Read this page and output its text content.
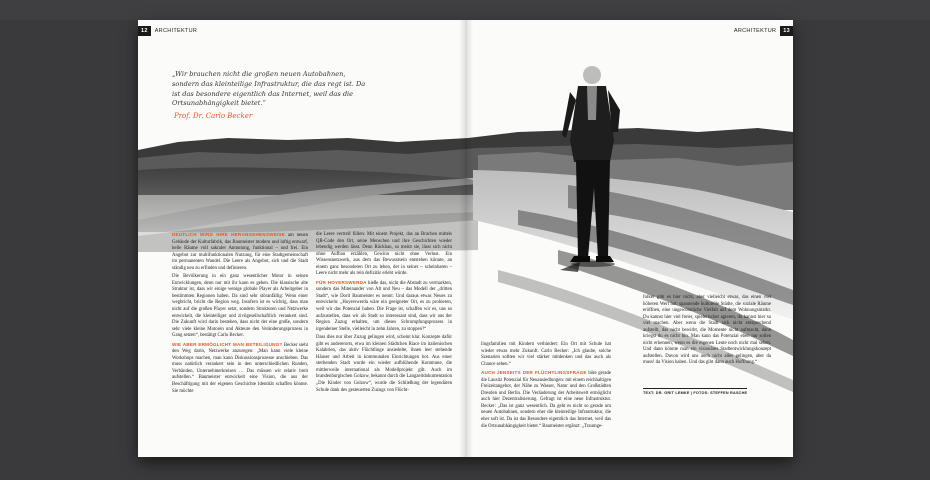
12	ARCHITEKTUR	ARCHITEKTUR	13
„Wir brauchen nicht die großen neuen Autobahnen, sondern das kleinteilige Infrastruktur, die das regt ist. Da ist das besondere eigentlich das Internet, weil das die Ortsunabhängigkeit bietet.“
Prof. Dr. Carlo Becker

DEUTLICH WIRD IHRE HERANGEHENSWEISE am neuen Gebäude der Kulturfabrik, das Baumeister modern und luftig entwarf, helle Räume voll sakraler Anmutung, funktional – und frei. Ein Angebot zur multifunktionalen Nutzung, für eine Stadtgemeinschaft im permanenten Wandel. Die Leere als Angebot, sich und die Stadt ständig neu zu erfinden und definieren.

Die Bevölkerung in ein ganz wesentlicher Motor in seinen Entwicklungen, denn nur mit ihr kann es gehen. Die klassische alte Struktur ist, dass wir einige wenige globale Player als Arbeitgeber in bestimmten Regionen haben. Da sind sehr störanfällig: Wenn einer wegbricht, bricht die Region weg. Insofern ist es wichtig, dass man nicht auf die großen Player setzt, sondern Strukturen und Netzwerke entwickelt, die kleinteiliger und zivilgesellschaftlich verankert sind. Die Zukunft wird darin bestehen, dass nicht der eine große, sondern sehr viele kleine Motoren und Akteure den Veränderungsprozess in Gang setzen“, bestätigt Carlo Becker.

WIE ABER ERMÖGLICHT MAN BETEILIGUNG? Becker sieht den Weg darin, Netzwerke anzuregen: „Man kann viele kleine Workshops machen, man kann Diskussionsprozesse anschieben. Das muss natürlich verankert sein in den unterschiedlichen Runden, Verbänden, Unternehmerkreisen … Das müssen wir relativ breit aufstellen.“ Baumeister entwickelt eine Vision, die aus der Beschäftigung mit der eigenen Geschichte Identität schaffen könnte. Sie möchte

die Leere vertreif füllen: Mit einem Projekt, das an Brachen mittels QR-Code den Ort, seine Menschen und ihre Geschichten wieder lebendig werden lässt. Denn Rückbau, so meint sie, lässt sich nicht ohne Aufbau erzählen, Gewinn nicht ohne Verlust. Ein Wissensnetzwerk, aus dem das Bewusstsein entstehen könnte, an einem ganz besonderen Ort zu leben, der in seiner – scheinbaren – Leere nicht mehr als rein defizitär erlebt würde.

FÜR HOYERSWERDA hieße das, nicht die Abstadt zu vermarkten, sondern das Miteinander von Alt und Neu – das Modell der „dritten Stadt“, wie Dorit Baumeister es nennt. Und daraus etwas Neues zu entwickeln: „Hoyerswerda wäre ein geeigneter Ort, es zu probieren, weil wir das Potenzial haben. Die Frage ist, schaffen wir es, uns so aufzustellen, dass wir als Stadt so interessant sind, dass wir aus der Region Zuzug erhalten, um dieses Schrumpfungsprozess in irgendeiner Stelle, vielleicht in zehn Jahren, zu stoppen?“

Dass dies nur über Zuzug gelingen wird, scheint klar. Konzepte dafür gibt es andererorts, etwa im kleinen Städtchen Riace im italienischen Kalabrien, das aktiv Flüchtlinge ansiedelte, ihnen leer stehende Häuser und Arbeit in kommunalen Einrichtungen bot. Aus einer sterbenden Stadt wurde ein wieder aufblühende Kommune, die mittlerweile international als Modellprojekt gilt. Auch im brandenburgischen Golzow, bekannt durch die Langzeitdokumentation „Die Kinder von Golzow“, wurde die Schließung der legendären Schule dank des gesteuerten Zuzugs von Flücht-

lingsfamilien mit Kindern verhindert: Ein Ort mit Schule hat wieder etwas mehr Zukunft. Carlo Becker: „Ich glaube, solche Szenarien sollten wir viel stärker mitdenken und das auch als Chance sehen.“

AUCH JENSEITS DER FLÜCHTLINGSFRAGE böte gerade die Lausitz Potenzial für Neuansiedlungen: mit einem reichhaltigen Freizeitangebot, der Nähe zu Wasser, Natur und den Großstädten Dresden und Berlin. Die Veränderung der Arbeitswelt ermöglicht auch hier Dezentralisierung. Gefragt ist eine neue Infrastruktur. Becker: „Das ist ganz wesentlich. Da geht es nicht so gerade um neuen Autobahnen, sondern eher die kleinteilige Infrastruktur, die eher soft ist. Da ist das Besondere eigentlich das Internet, weil das die Ortsunabhängigkeit bietet.“ Baumeister ergänzt: „Traumge-

folker gibt es hier nicht, aber vielleicht etwas, das einen viel höheren Wert hat: spannende kulturelle Städte, die soziale Räume eröffnen, eine ungewöhnliche Vielfalt auf dem Wohnungsmarkt. Du kannst hier viel freier, spielerischer agieren, du kannst hier so viel machen. Aber wenn die Stadt sich nicht entsprechend aufstellt, das nicht bewirbt, die Momente nicht aufmacht, dann kriegst du es nicht hin. Man kann das Potenzial eben nur sollen nicht erkennen, wenn es die eigenen Leute noch nicht mal sehen. Und dann könnte man ein visionäres Stadtentwicklungskonzept aufstellen. Davon wird uns auch nicht alles gelingen, aber da muss! da Vision haben. Und das gibt dann auch Hoffnung.“

TEXT: DR. GRIT LEMKE | FOTOS: STEFFEN RASCHE
